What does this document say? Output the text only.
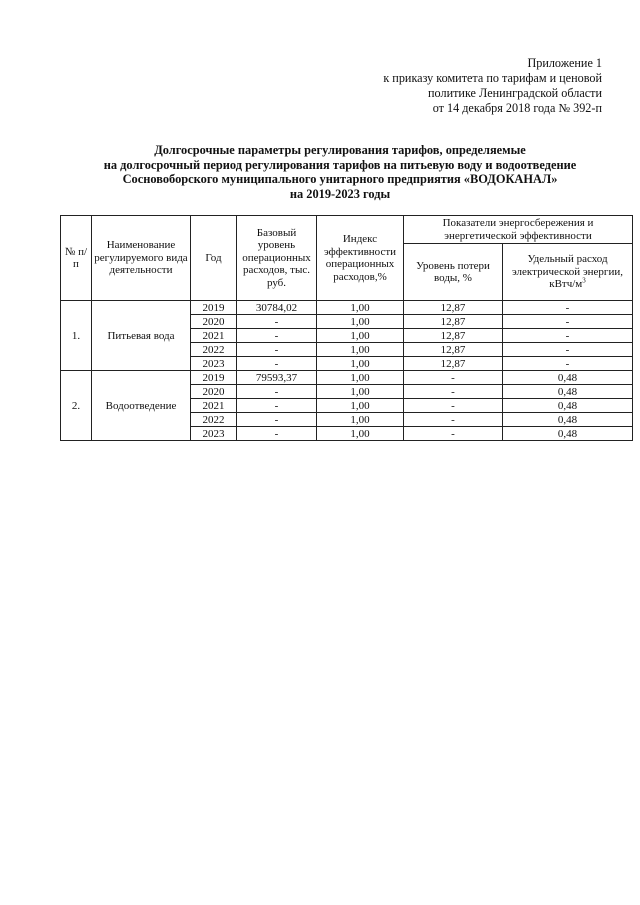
Приложение 1
к приказу комитета по тарифам и ценовой
политике Ленинградской области
от 14 декабря 2018 года № 392-п
Долгосрочные параметры регулирования тарифов, определяемые
на долгосрочный период регулирования тарифов на питьевую воду и водоотведение
Сосновоборского муниципального унитарного предприятия «ВОДОКАНАЛ»
на 2019-2023 годы
№ п/п	Наименование регулируемого вида деятельности	Год	Базовый уровень операционных расходов, тыс. руб.	Индекс эффективности операционных расходов,%	Показатели энергосбережения и энергетической эффективности	
					Уровень потери воды, %	Удельный расход электрической энергии, кВтч/$м^3$
1.	Питьевая вода	2019	30784,02	1,00	12,87	-
		2020	-	1,00	12,87	-
		2021	-	1,00	12,87	-
		2022	-	1,00	12,87	-
		2023	-	1,00	12,87	-
2.	Водоотведение	2019	79593,37	1,00	-	0,48
		2020	-	1,00	-	0,48
		2021	-	1,00	-	0,48
		2022	-	1,00	-	0,48
		2023	-	1,00	-	0,48
